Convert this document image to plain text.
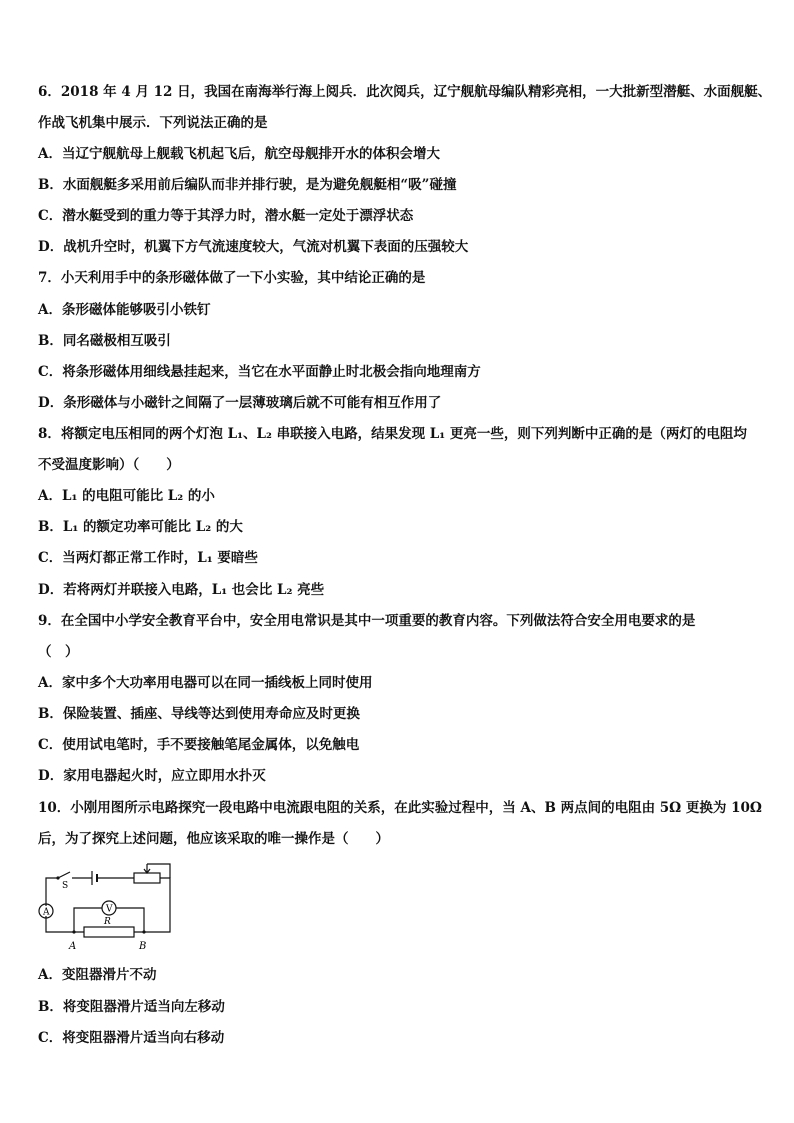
6．2018 年 4 月 12 日，我国在南海举行海上阅兵．此次阅兵，辽宁舰航母编队精彩亮相，一大批新型潜艇、水面舰艇、
作战飞机集中展示．下列说法正确的是
A．当辽宁舰航母上舰载飞机起飞后，航空母舰排开水的体积会增大
B．水面舰艇多采用前后编队而非并排行驶，是为避免舰艇相“吸”碰撞
C．潜水艇受到的重力等于其浮力时，潜水艇一定处于漂浮状态
D．战机升空时，机翼下方气流速度较大，气流对机翼下表面的压强较大
7．小天利用手中的条形磁体做了一下小实验，其中结论正确的是
A．条形磁体能够吸引小铁钉
B．同名磁极相互吸引
C．将条形磁体用细线悬挂起来，当它在水平面静止时北极会指向地理南方
D．条形磁体与小磁针之间隔了一层薄玻璃后就不可能有相互作用了
8．将额定电压相同的两个灯泡 L₁、L₂ 串联接入电路，结果发现 L₁ 更亮一些，则下列判断中正确的是（两灯的电阻均
不受温度影响）（　　）
A．L₁ 的电阻可能比 L₂ 的小
B．L₁ 的额定功率可能比 L₂ 的大
C．当两灯都正常工作时，L₁ 要暗些
D．若将两灯并联接入电路，L₁ 也会比 L₂ 亮些
9．在全国中小学安全教育平台中，安全用电常识是其中一项重要的教育内容。下列做法符合安全用电要求的是
（　）
A．家中多个大功率用电器可以在同一插线板上同时使用
B．保险装置、插座、导线等达到使用寿命应及时更换
C．使用试电笔时，手不要接触笔尾金属体，以免触电
D．家用电器起火时，应立即用水扑灭
10．小刚用图所示电路探究一段电路中电流跟电阻的关系，在此实验过程中，当 A、B 两点间的电阻由 5Ω 更换为 10Ω
后，为了探究上述问题，他应该采取的唯一操作是（　　）
S
A	V
R
A	B
A．变阻器滑片不动
B．将变阻器滑片适当向左移动
C．将变阻器滑片适当向右移动
